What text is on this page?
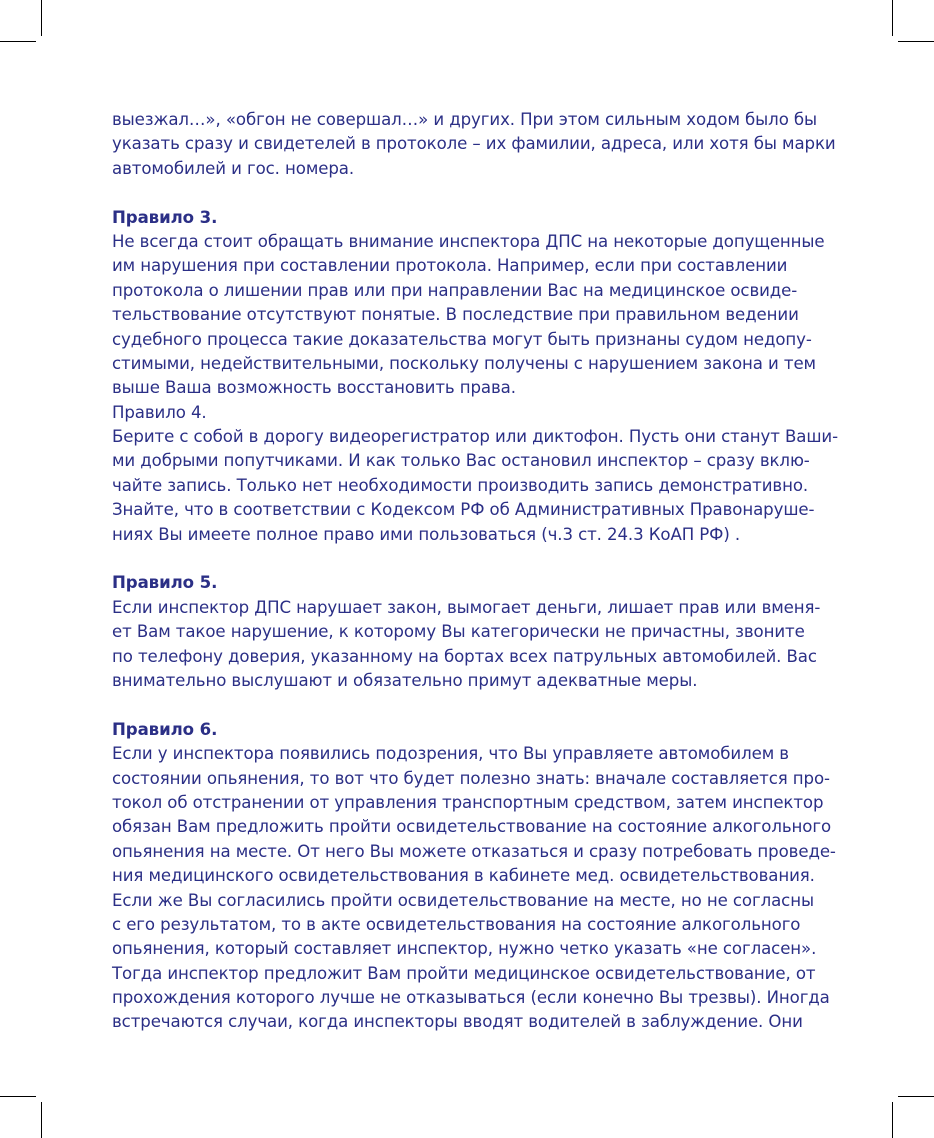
выезжал…», «обгон не совершал…» и других. При этом сильным ходом было бы
указать сразу и свидетелей в протоколе – их фамилии, адреса, или хотя бы марки
автомобилей и гос. номера.
Правило 3.
Не всегда стоит обращать внимание инспектора ДПС на некоторые допущенные
им нарушения при составлении протокола. Например, если при составлении
протокола о лишении прав или при направлении Вас на медицинское освиде-
тельствование отсутствуют понятые. В последствие при правильном ведении
судебного процесса такие доказательства могут быть признаны судом недопу-
стимыми, недействительными, поскольку получены с нарушением закона и тем
выше Ваша возможность восстановить права.
Правило 4.
Берите с собой в дорогу видеорегистратор или диктофон. Пусть они станут Ваши-
ми добрыми попутчиками. И как только Вас остановил инспектор – сразу вклю-
чайте запись. Только нет необходимости производить запись демонстративно.
Знайте, что в соответствии с Кодексом РФ об Административных Правонаруше-
ниях Вы имеете полное право ими пользоваться (ч.3 ст. 24.3 КоАП РФ) .
Правило 5.
Если инспектор ДПС нарушает закон, вымогает деньги, лишает прав или вменя-
ет Вам такое нарушение, к которому Вы категорически не причастны, звоните
по телефону доверия, указанному на бортах всех патрульных автомобилей. Вас
внимательно выслушают и обязательно примут адекватные меры.
Правило 6.
Если у инспектора появились подозрения, что Вы управляете автомобилем в
состоянии опьянения, то вот что будет полезно знать: вначале составляется про-
токол об отстранении от управления транспортным средством, затем инспектор
обязан Вам предложить пройти освидетельствование на состояние алкогольного
опьянения на месте. От него Вы можете отказаться и сразу потребовать проведе-
ния медицинского освидетельствования в кабинете мед. освидетельствования.
Если же Вы согласились пройти освидетельствование на месте, но не согласны
с его результатом, то в акте освидетельствования на состояние алкогольного
опьянения, который составляет инспектор, нужно четко указать «не согласен».
Тогда инспектор предложит Вам пройти медицинское освидетельствование, от
прохождения которого лучше не отказываться (если конечно Вы трезвы). Иногда
встречаются случаи, когда инспекторы вводят водителей в заблуждение. Они
